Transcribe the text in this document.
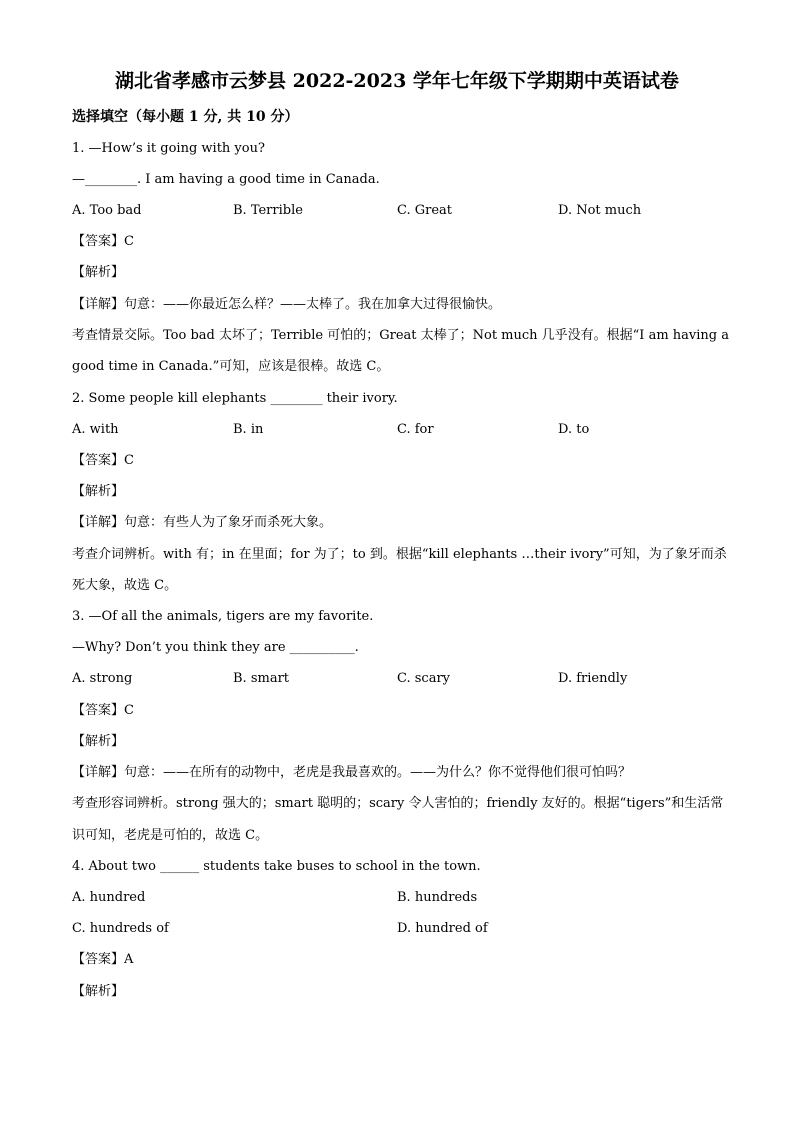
湖北省孝感市云梦县 2022-2023 学年七年级下学期期中英语试卷
选择填空（每小题 1 分, 共 10 分）
1. —How’s it going with you?
—________. I am having a good time in Canada.
A. Too bad	B. Terrible	C. Great	D. Not much
【答案】C
【解析】
【详解】句意：——你最近怎么样？——太棒了。我在加拿大过得很愉快。
考查情景交际。Too bad 太坏了；Terrible 可怕的；Great 太棒了；Not much 几乎没有。根据“I am having a
good time in Canada.”可知，应该是很棒。故选 C。
2. Some people kill elephants ________ their ivory.
A. with	B. in	C. for	D. to
【答案】C
【解析】
【详解】句意：有些人为了象牙而杀死大象。
考查介词辨析。with 有；in 在里面；for 为了；to 到。根据“kill elephants …their ivory”可知，为了象牙而杀
死大象，故选 C。
3. —Of all the animals, tigers are my favorite.
—Why? Don’t you think they are __________.
A. strong	B. smart	C. scary	D. friendly
【答案】C
【解析】
【详解】句意：——在所有的动物中，老虎是我最喜欢的。——为什么？你不觉得他们很可怕吗？
考查形容词辨析。strong 强大的；smart 聪明的；scary 令人害怕的；friendly 友好的。根据“tigers”和生活常
识可知，老虎是可怕的，故选 C。
4. About two ______ students take buses to school in the town.
A. hundred	B. hundreds
C. hundreds of	D. hundred of
【答案】A
【解析】
